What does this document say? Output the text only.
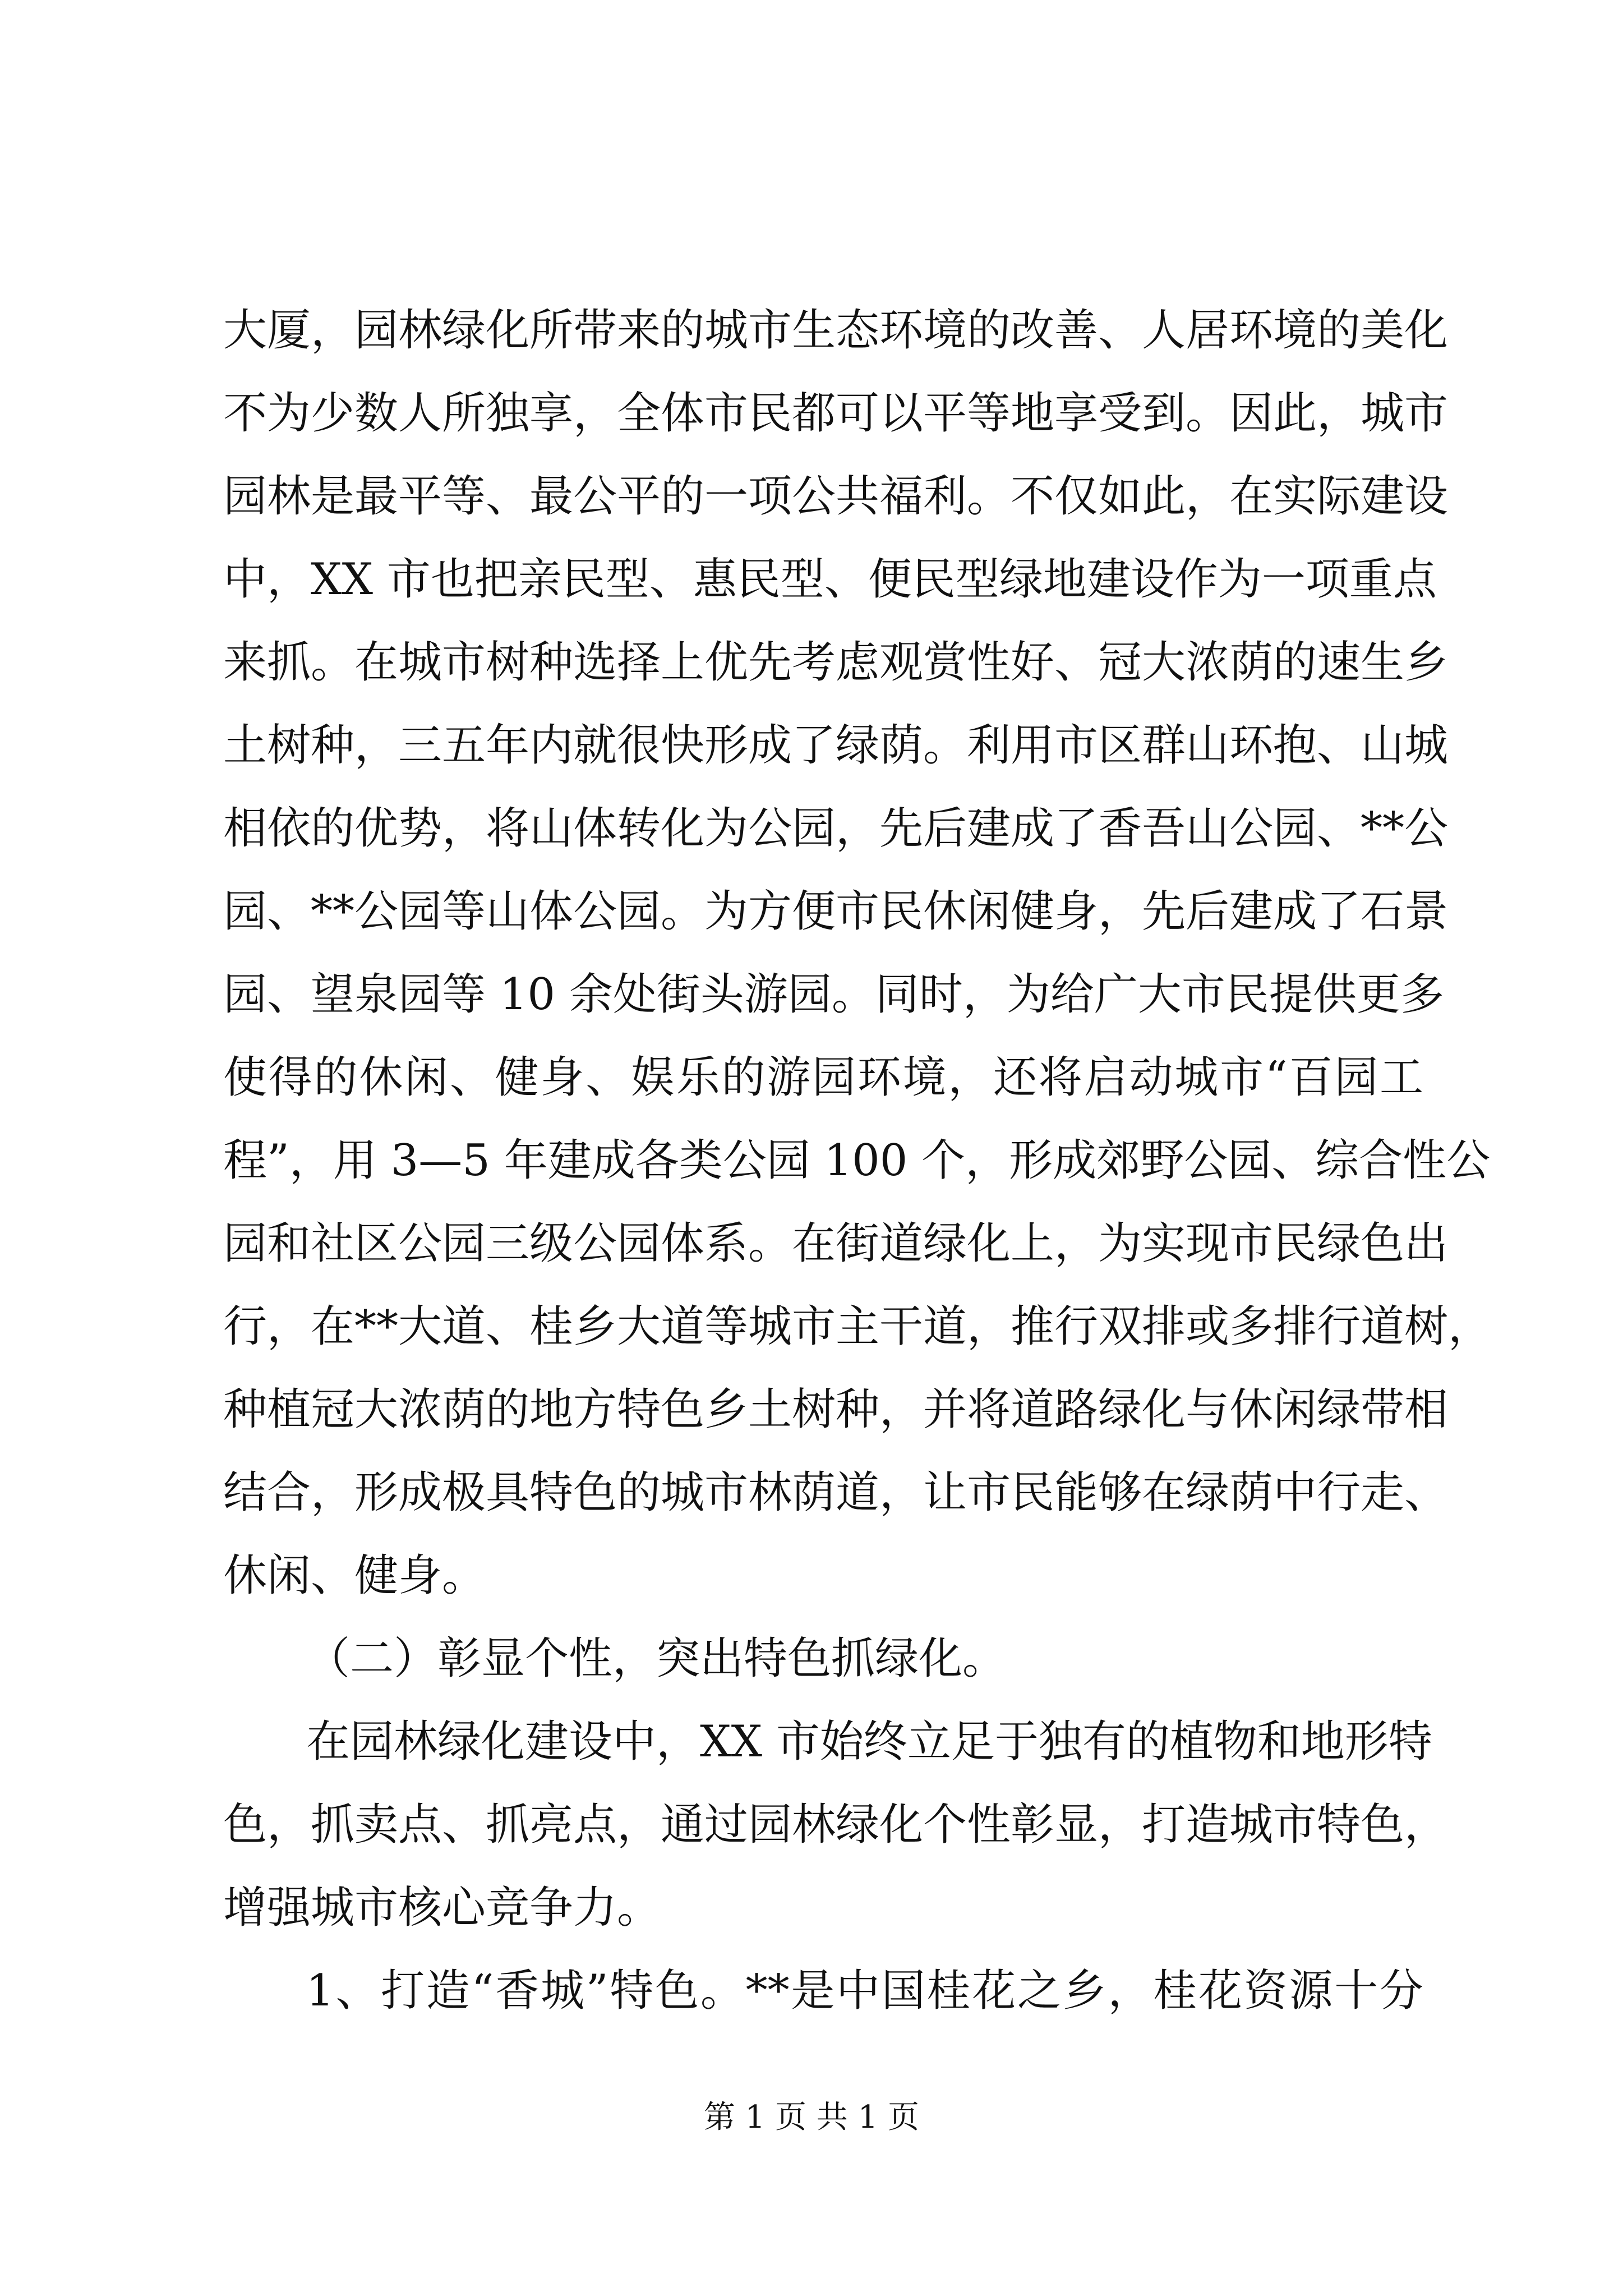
大厦，园林绿化所带来的城市生态环境的改善、人居环境的美化
不为少数人所独享，全体市民都可以平等地享受到。因此，城市
园林是最平等、最公平的一项公共福利。不仅如此，在实际建设
中，XX 市也把亲民型、惠民型、便民型绿地建设作为一项重点
来抓。在城市树种选择上优先考虑观赏性好、冠大浓荫的速生乡
土树种，三五年内就很快形成了绿荫。利用市区群山环抱、山城
相依的优势，将山体转化为公园，先后建成了香吾山公园、**公
园、**公园等山体公园。为方便市民休闲健身，先后建成了石景
园、望泉园等 10 余处街头游园。同时，为给广大市民提供更多
使得的休闲、健身、娱乐的游园环境，还将启动城市“百园工
程”，用 3—5 年建成各类公园 100 个，形成郊野公园、综合性公
园和社区公园三级公园体系。在街道绿化上，为实现市民绿色出
行，在**大道、桂乡大道等城市主干道，推行双排或多排行道树，
种植冠大浓荫的地方特色乡土树种，并将道路绿化与休闲绿带相
结合，形成极具特色的城市林荫道，让市民能够在绿荫中行走、
休闲、健身。
（二）彰显个性，突出特色抓绿化。
在园林绿化建设中，XX 市始终立足于独有的植物和地形特
色，抓卖点、抓亮点，通过园林绿化个性彰显，打造城市特色，
增强城市核心竞争力。
1、打造“香城”特色。**是中国桂花之乡，桂花资源十分
第 1 页 共 1 页
